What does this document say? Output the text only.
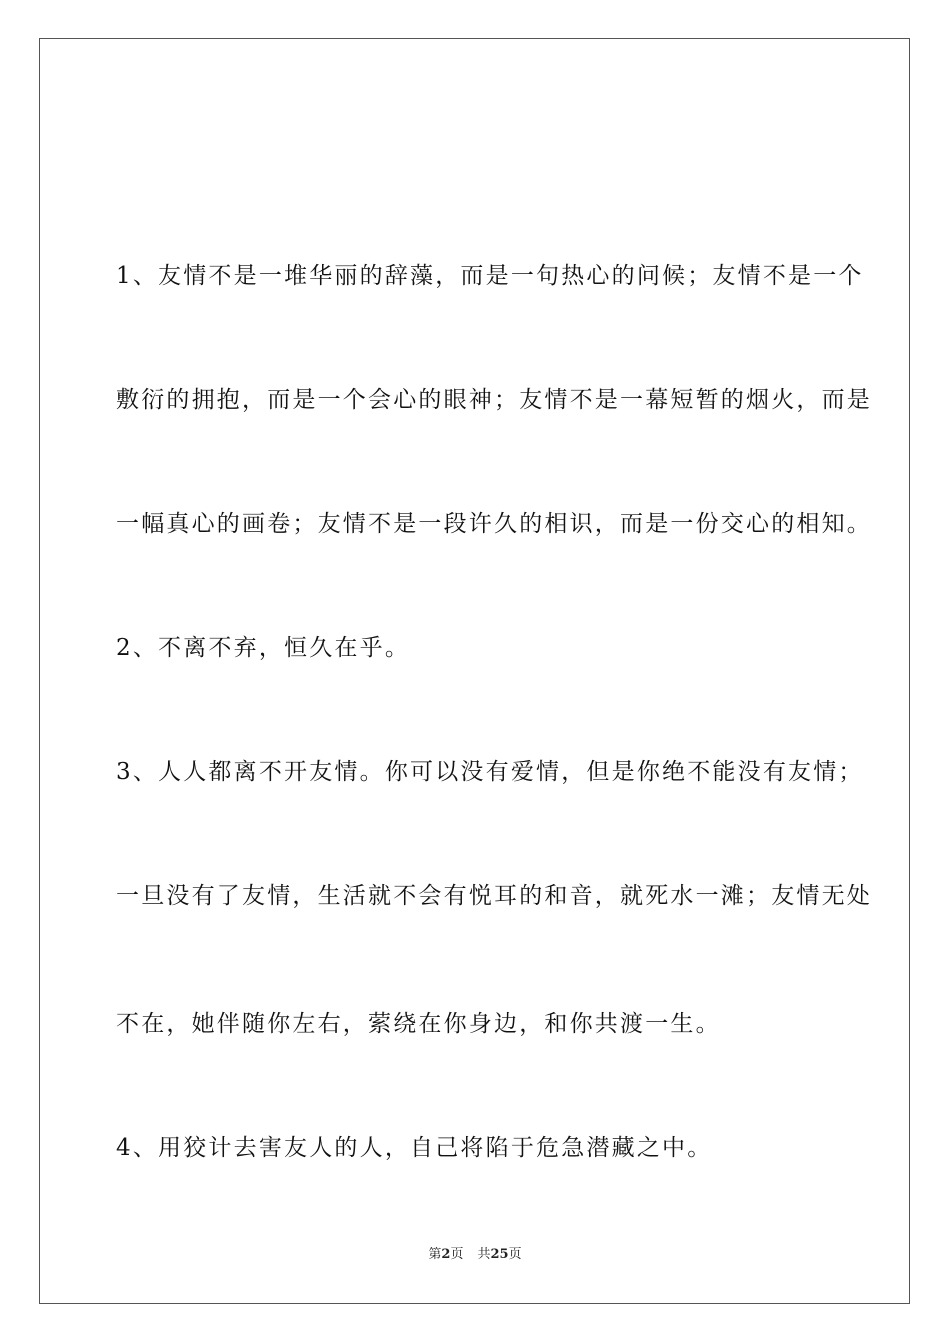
1、友情不是一堆华丽的辞藻，而是一句热心的问候；友情不是一个
敷衍的拥抱，而是一个会心的眼神；友情不是一幕短暂的烟火，而是
一幅真心的画卷；友情不是一段许久的相识，而是一份交心的相知。
2、不离不弃，恒久在乎。
3、人人都离不开友情。你可以没有爱情，但是你绝不能没有友情；
一旦没有了友情，生活就不会有悦耳的和音，就死水一滩；友情无处
不在，她伴随你左右，萦绕在你身边，和你共渡一生。
4、用狡计去害友人的人，自己将陷于危急潜藏之中。
第2页 共25页
